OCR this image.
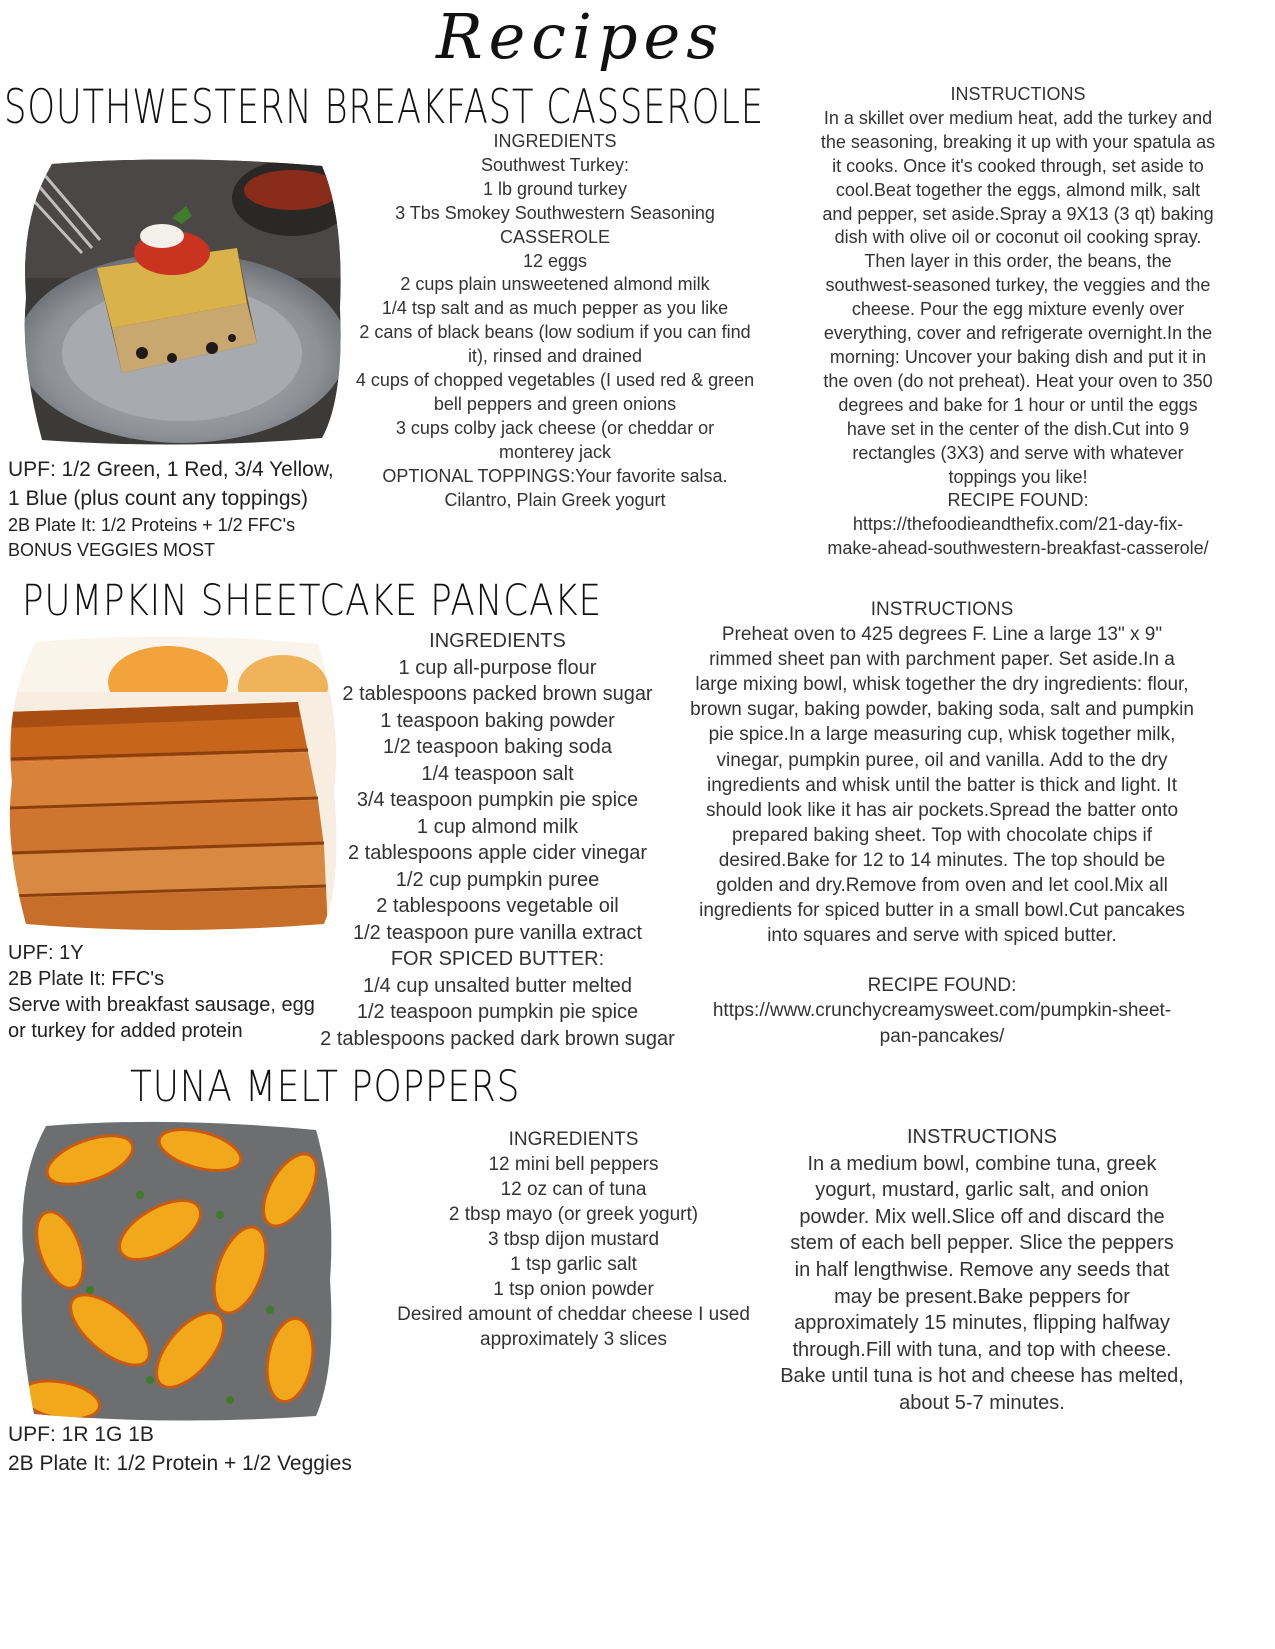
Recipes
SOUTHWESTERN BREAKFAST CASSEROLE
INGREDIENTS
Southwest Turkey:
1 lb ground turkey
3 Tbs Smokey Southwestern Seasoning
CASSEROLE
12 eggs
2 cups plain unsweetened almond milk
1/4 tsp salt and as much pepper as you like
2 cans of black beans (low sodium if you can find
it), rinsed and drained
4 cups of chopped vegetables (I used red & green
bell peppers and green onions
3 cups colby jack cheese (or cheddar or
monterey jack
OPTIONAL TOPPINGS:Your favorite salsa.
Cilantro, Plain Greek yogurt
INSTRUCTIONS
In a skillet over medium heat, add the turkey and
the seasoning, breaking it up with your spatula as
it cooks. Once it's cooked through, set aside to
cool.Beat together the eggs, almond milk, salt
and pepper, set aside.Spray a 9X13 (3 qt) baking
dish with olive oil or coconut oil cooking spray.
Then layer in this order, the beans, the
southwest-seasoned turkey, the veggies and the
cheese. Pour the egg mixture evenly over
everything, cover and refrigerate overnight.In the
morning: Uncover your baking dish and put it in
the oven (do not preheat). Heat your oven to 350
degrees and bake for 1 hour or until the eggs
have set in the center of the dish.Cut into 9
rectangles (3X3) and serve with whatever
toppings you like!
RECIPE FOUND:
https://thefoodieandthefix.com/21-day-fix-
make-ahead-southwestern-breakfast-casserole/
UPF: 1/2 Green, 1 Red, 3/4 Yellow,
1 Blue (plus count any toppings)
2B Plate It: 1/2 Proteins + 1/2 FFC's
BONUS VEGGIES MOST
PUMPKIN SHEETCAKE PANCAKE
INGREDIENTS
1 cup all-purpose flour
2 tablespoons packed brown sugar
1 teaspoon baking powder
1/2 teaspoon baking soda
1/4 teaspoon salt
3/4 teaspoon pumpkin pie spice
1 cup almond milk
2 tablespoons apple cider vinegar
1/2 cup pumpkin puree
2 tablespoons vegetable oil
1/2 teaspoon pure vanilla extract
FOR SPICED BUTTER:
1/4 cup unsalted butter melted
1/2 teaspoon pumpkin pie spice
2 tablespoons packed dark brown sugar
INSTRUCTIONS
Preheat oven to 425 degrees F. Line a large 13" x 9"
rimmed sheet pan with parchment paper. Set aside.In a
large mixing bowl, whisk together the dry ingredients: flour,
brown sugar, baking powder, baking soda, salt and pumpkin
pie spice.In a large measuring cup, whisk together milk,
vinegar, pumpkin puree, oil and vanilla. Add to the dry
ingredients and whisk until the batter is thick and light. It
should look like it has air pockets.Spread the batter onto
prepared baking sheet. Top with chocolate chips if
desired.Bake for 12 to 14 minutes. The top should be
golden and dry.Remove from oven and let cool.Mix all
ingredients for spiced butter in a small bowl.Cut pancakes
into squares and serve with spiced butter.
RECIPE FOUND:
https://www.crunchycreamysweet.com/pumpkin-sheet-
pan-pancakes/
UPF: 1Y
2B Plate It: FFC's
Serve with breakfast sausage, egg
or turkey for added protein
TUNA MELT POPPERS
INGREDIENTS
12 mini bell peppers
12 oz can of tuna
2 tbsp mayo (or greek yogurt)
3 tbsp dijon mustard
1 tsp garlic salt
1 tsp onion powder
Desired amount of cheddar cheese I used
approximately 3 slices
INSTRUCTIONS
In a medium bowl, combine tuna, greek
yogurt, mustard, garlic salt, and onion
powder. Mix well.Slice off and discard the
stem of each bell pepper. Slice the peppers
in half lengthwise. Remove any seeds that
may be present.Bake peppers for
approximately 15 minutes, flipping halfway
through.Fill with tuna, and top with cheese.
Bake until tuna is hot and cheese has melted,
about 5-7 minutes.
UPF: 1R 1G 1B
2B Plate It: 1/2 Protein + 1/2 Veggies
